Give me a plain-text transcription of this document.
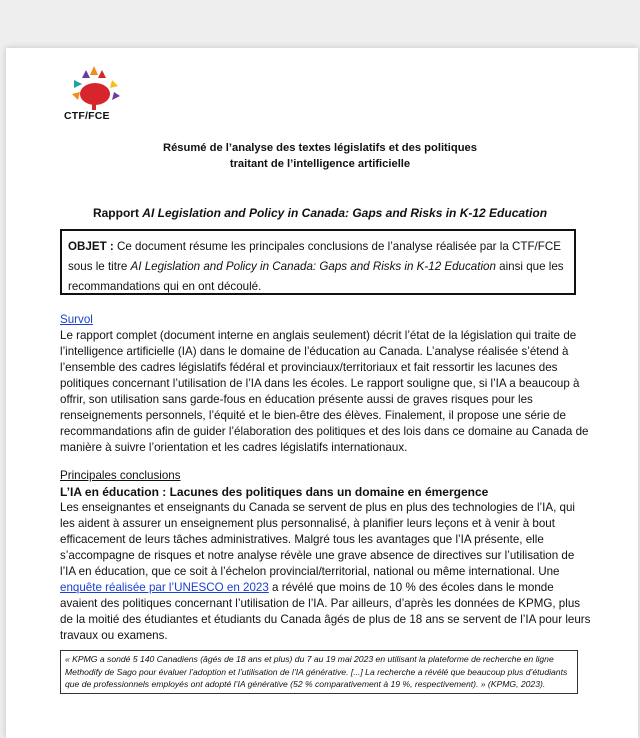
CTF/FCE
Résumé de l’analyse des textes législatifs et des politiques
traitant de l’intelligence artificielle
Rapport AI Legislation and Policy in Canada: Gaps and Risks in K-12 Education
OBJET : Ce document résume les principales conclusions de l’analyse réalisée par la CTF/FCE sous le titre AI Legislation and Policy in Canada: Gaps and Risks in K-12 Education ainsi que les recommandations qui en ont découlé.
Survol
Le rapport complet (document interne en anglais seulement) décrit l’état de la législation qui traite de l’intelligence artificielle (IA) dans le domaine de l’éducation au Canada. L’analyse réalisée s’étend à l’ensemble des cadres législatifs fédéral et provinciaux/territoriaux et fait ressortir les lacunes des politiques concernant l’utilisation de l’IA dans les écoles. Le rapport souligne que, si l’IA a beaucoup à offrir, son utilisation sans garde-fous en éducation présente aussi de graves risques pour les renseignements personnels, l’équité et le bien-être des élèves. Finalement, il propose une série de recommandations afin de guider l’élaboration des politiques et des lois dans ce domaine au Canada de manière à suivre l’orientation et les cadres législatifs internationaux.
Principales conclusions
L’IA en éducation : Lacunes des politiques dans un domaine en émergence
Les enseignantes et enseignants du Canada se servent de plus en plus des technologies de l’IA, qui les aident à assurer un enseignement plus personnalisé, à planifier leurs leçons et à venir à bout efficacement de leurs tâches administratives. Malgré tous les avantages que l’IA présente, elle s’accompagne de risques et notre analyse révèle une grave absence de directives sur l’utilisation de l’IA en éducation, que ce soit à l’échelon provincial/territorial, national ou même international. Une enquête réalisée par l’UNESCO en 2023 a révélé que moins de 10 % des écoles dans le monde avaient des politiques concernant l’utilisation de l’IA. Par ailleurs, d’après les données de KPMG, plus de la moitié des étudiantes et étudiants du Canada âgés de plus de 18 ans se servent de l’IA pour leurs travaux ou examens.
« KPMG a sondé 5 140 Canadiens (âgés de 18 ans et plus) du 7 au 19 mai 2023 en utilisant la plateforme de recherche en ligne Methodify de Sago pour évaluer l’adoption et l’utilisation de l’IA générative. [...] La recherche a révélé que beaucoup plus d’étudiants que de professionnels employés ont adopté l’IA générative (52 % comparativement à 19 %, respectivement). » (KPMG, 2023).
